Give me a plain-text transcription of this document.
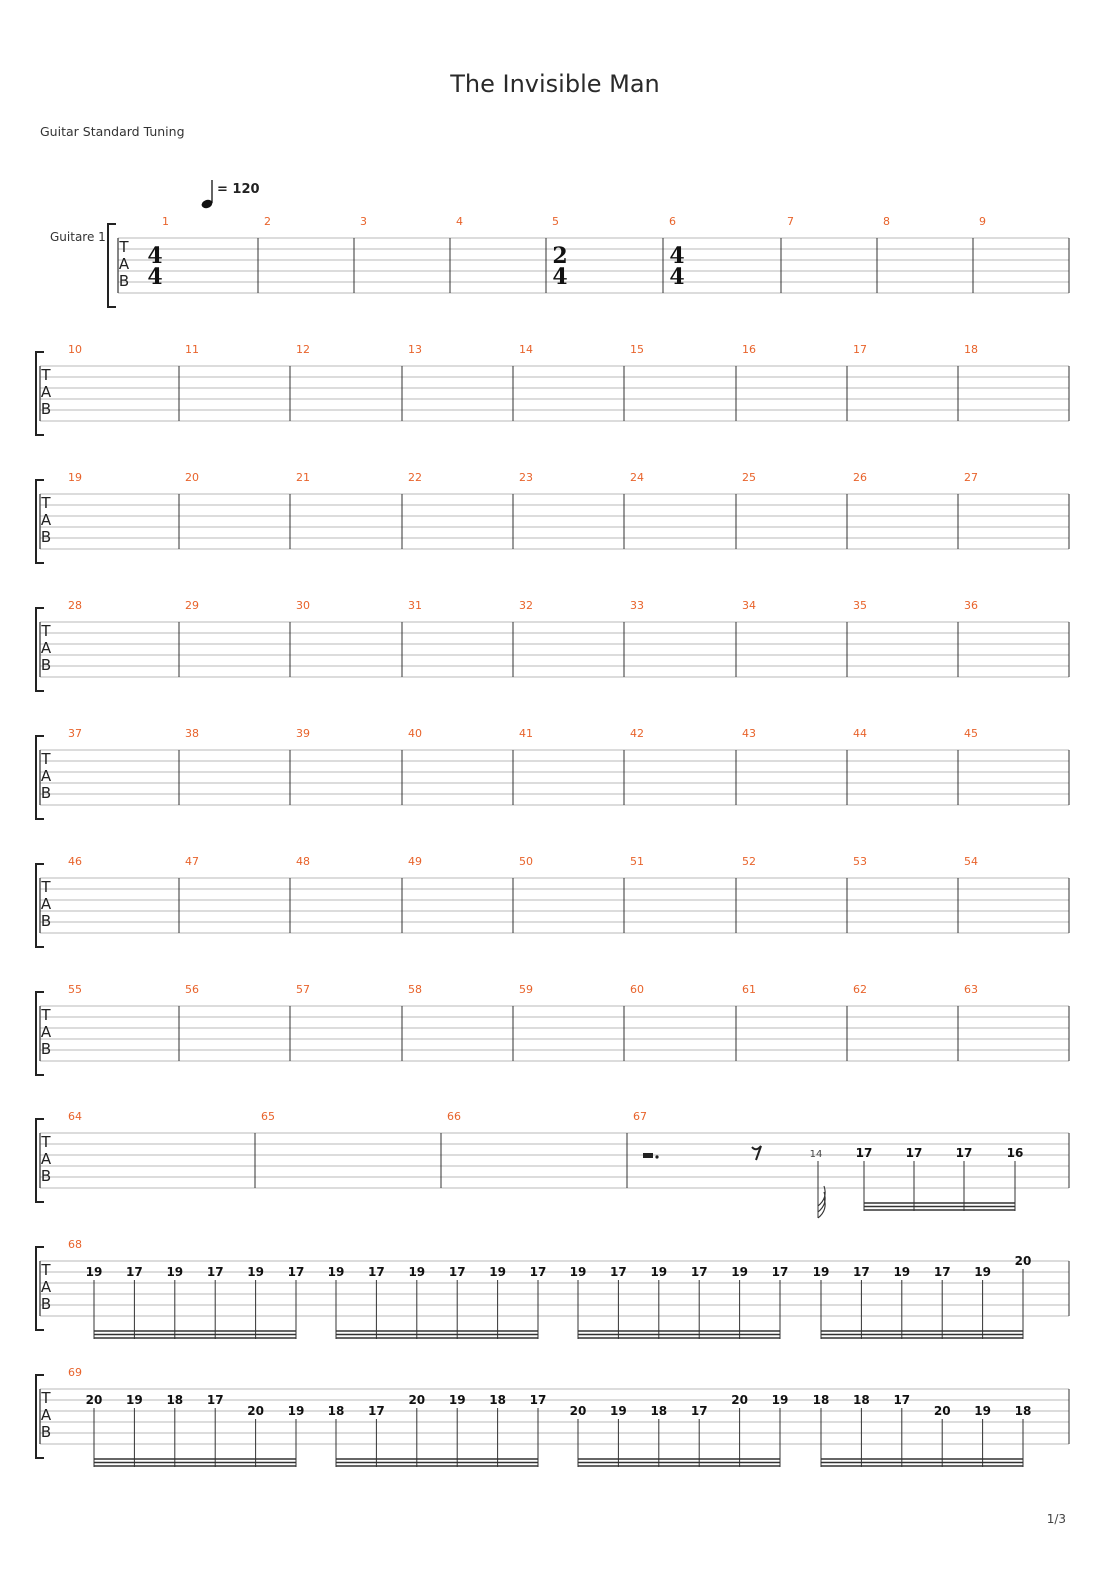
The Invisible Man
Guitar Standard Tuning
T
A
B
1	2	3	4	5	6	7	8	9
T
A
B
10	11	12	13	14	15	16	17	18
T
A
B
19	20	21	22	23	24	25	26	27
T
A
B
28	29	30	31	32	33	34	35	36
T
A
B
37	38	39	40	41	42	43	44	45
T
A
B
46	47	48	49	50	51	52	53	54
T
A
B
55	56	57	58	59	60	61	62	63
T
A
B
64	65	66	67
T
A
B
68
T
A
B
69
Guitare 1
= 120
4
4
2
4
4
4
14	17	17	17	16
19 17 19 17 19 17 19 17 19 17 19 17 19 17 19 17 19 17 19 17 19 17 19
20
20 19 18 17
20 19 18 17
20 19 18 17
20 19 18 17
20 19 18 18 17
20 19 18
1/3
